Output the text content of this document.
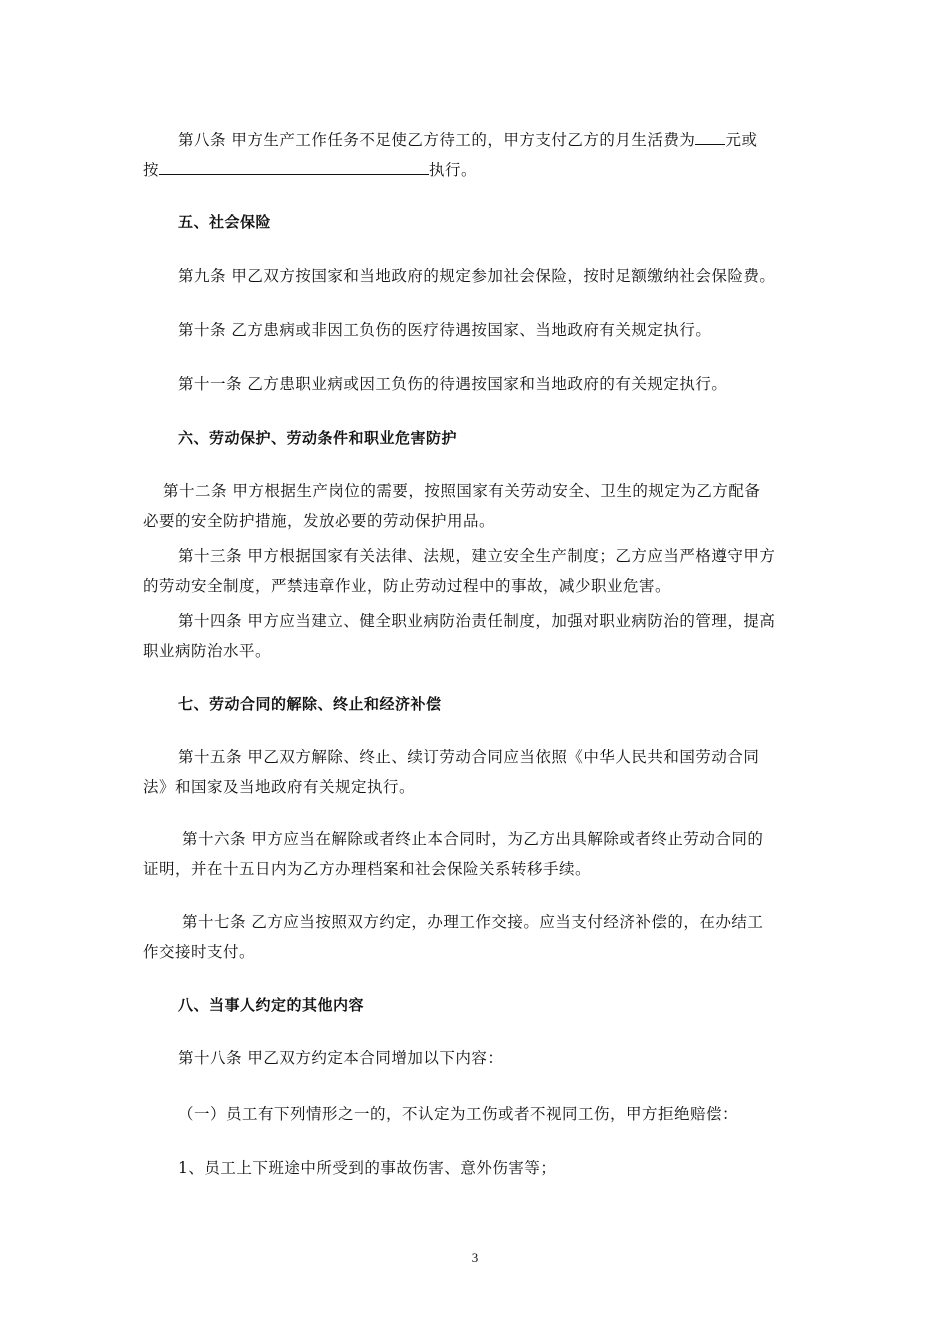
第八条 甲方生产工作任务不足使乙方待工的，甲方支付乙方的月生活费为 元或
按	执行。
五、社会保险
第九条 甲乙双方按国家和当地政府的规定参加社会保险，按时足额缴纳社会保险费。
第十条 乙方患病或非因工负伤的医疗待遇按国家、当地政府有关规定执行。
第十一条 乙方患职业病或因工负伤的待遇按国家和当地政府的有关规定执行。
六、劳动保护、劳动条件和职业危害防护
第十二条 甲方根据生产岗位的需要，按照国家有关劳动安全、卫生的规定为乙方配备
必要的安全防护措施，发放必要的劳动保护用品。
第十三条 甲方根据国家有关法律、法规，建立安全生产制度；乙方应当严格遵守甲方
的劳动安全制度，严禁违章作业，防止劳动过程中的事故，减少职业危害。
第十四条 甲方应当建立、健全职业病防治责任制度，加强对职业病防治的管理，提高
职业病防治水平。
七、劳动合同的解除、终止和经济补偿
第十五条 甲乙双方解除、终止、续订劳动合同应当依照《中华人民共和国劳动合同
法》和国家及当地政府有关规定执行。
第十六条 甲方应当在解除或者终止本合同时，为乙方出具解除或者终止劳动合同的
证明，并在十五日内为乙方办理档案和社会保险关系转移手续。
第十七条 乙方应当按照双方约定，办理工作交接。应当支付经济补偿的，在办结工
作交接时支付。
八、当事人约定的其他内容
第十八条 甲乙双方约定本合同增加以下内容：
（一）员工有下列情形之一的，不认定为工伤或者不视同工伤，甲方拒绝赔偿：
1、员工上下班途中所受到的事故伤害、意外伤害等；
3
